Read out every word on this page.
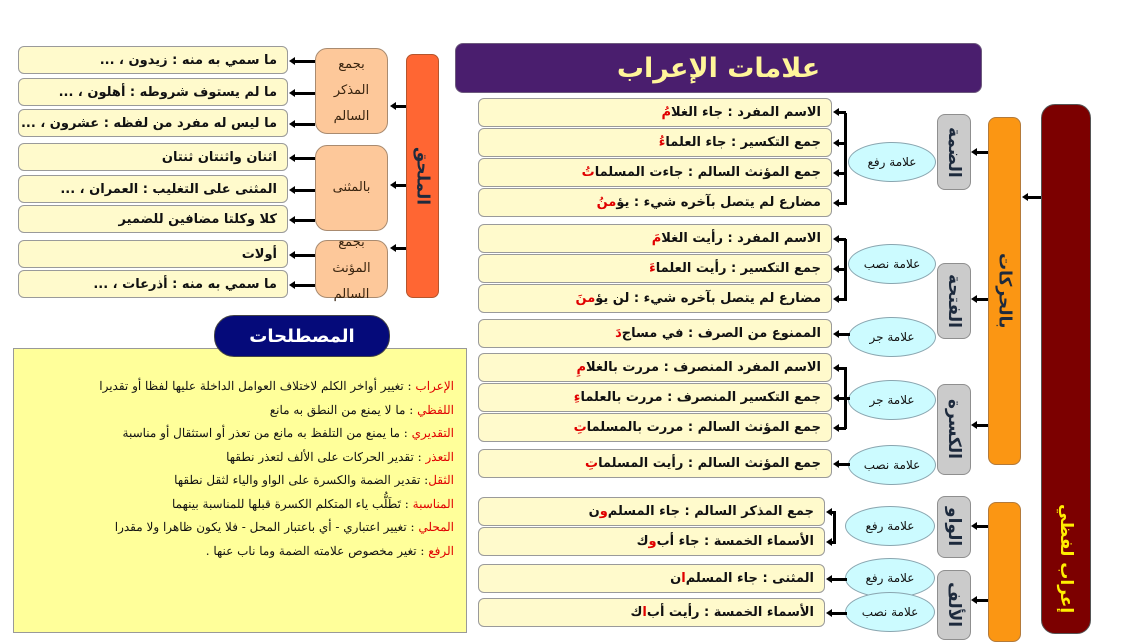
علامات الإعراب
إعراب لفظي
بالحركات
الضمة
الفتحة
الكسرة
الواو
الألف
علامة رفع
علامة نصب
علامة جر
علامة جر
علامة نصب
علامة رفع
علامة رفع
علامة نصب
الاسم المفرد : جاء الغلا
مُ
جمع التكسير : جاء العلما
ءُ
جمع المؤنث السالم : جاءت المسلما
تُ
مضارع لم يتصل بآخره شيء : يؤ
منُ
الاسم المفرد : رأيت الغلا
مَ
جمع التكسير : رأيت العلما
ءَ
مضارع لم يتصل بآخره شيء : لن يؤ
منَ
الممنوع من الصرف : في مساج
دَ
الاسم المفرد المنصرف : مررت بالغلا
مِ
جمع التكسير المنصرف : مررت بالعلما
ءِ
جمع المؤنث السالم : مررت بالمسلما
تِ
جمع المؤنث السالم : رأيت المسلما
تِ
جمع المذكر السالم : جاء المسلم
و
ن
الأسماء الخمسة : جاء أب
و
ك
المثنى : جاء المسلم
ا
ن
الأسماء الخمسة : رأيت أب
ا
ك
الملحق
بجمع المذكر السالم
بالمثنى
بجمع المؤنث السالم
ما سمي به منه : زيدون ، ...
ما لم يستوف شروطه : أهلون ، ...
ما ليس له مفرد من لفظه : عشرون ، ...
اثنان واثنتان ثنتان
المثنى على التغليب : العمران ، ...
كلا وكلتا مضافين للضمير
أولات
ما سمي به منه : أذرعات ، ...
الإعراب : تغيير أواخر الكلم لاختلاف العوامل الداخلة عليها لفظا أو تقديرا
اللفظي : ما لا يمنع من النطق به مانع
التقديري : ما يمنع من التلفظ به مانع من تعذر أو استثقال أو مناسبة
التعذر : تقدير الحركات على الألف لتعذر نطقها
الثقل: تقدير الضمة والكسرة على الواو والياء لثقل نطقها
المناسبة : تَطَلُّب ياء المتكلم الكسرة قبلها للمناسبة بينهما
المحلي : تغيير اعتباري - أي باعتبار المحل - فلا يكون ظاهرا ولا مقدرا
الرفع : تغير مخصوص علامته الضمة وما ناب عنها .
المصطلحات
